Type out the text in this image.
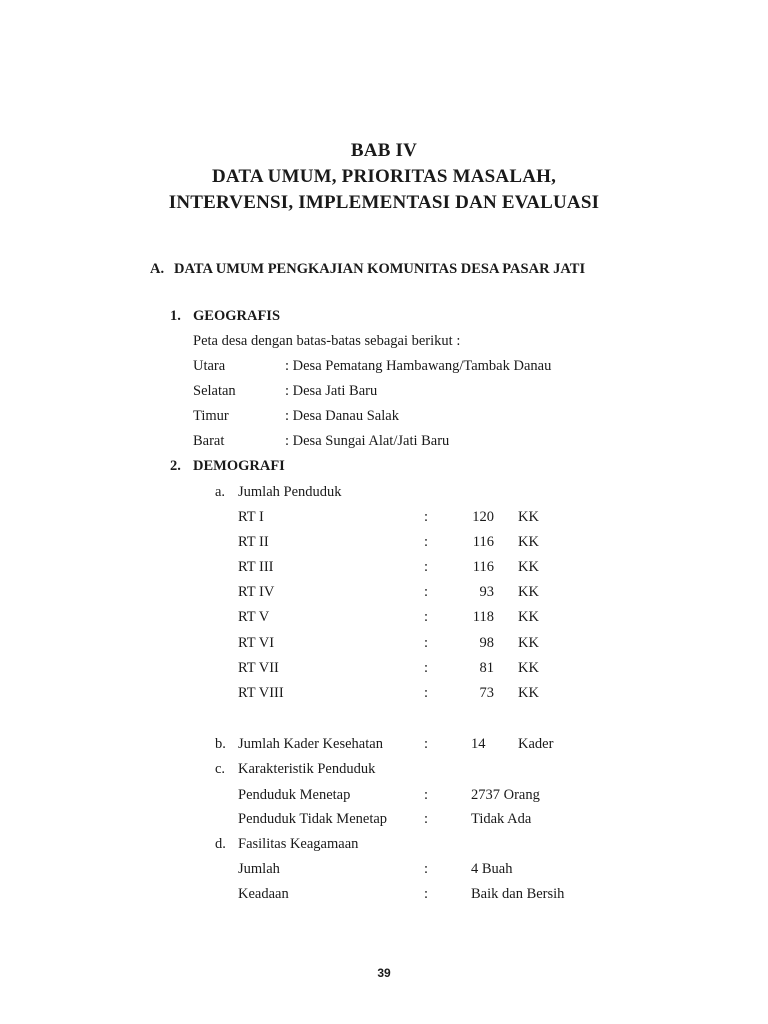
BAB IV
DATA UMUM, PRIORITAS MASALAH,
INTERVENSI, IMPLEMENTASI DAN EVALUASI
A. DATA UMUM PENGKAJIAN KOMUNITAS DESA PASAR JATI
1. GEOGRAFIS
Peta desa dengan batas-batas sebagai berikut :
Utara	: Desa Pematang Hambawang/Tambak Danau
Selatan	: Desa Jati Baru
Timur	: Desa Danau Salak
Barat	: Desa Sungai Alat/Jati Baru
2. DEMOGRAFI
a. Jumlah Penduduk
RT I	:	120 KK
RT II	:	116 KK
RT III	:	116 KK
RT IV	:	93 KK
RT V	:	118 KK
RT VI	:	98 KK
RT VII	:	81 KK
RT VIII	:	73 KK
b. Jumlah Kader Kesehatan	:	14 Kader
c. Karakteristik Penduduk
Penduduk Menetap	:	2737 Orang
Penduduk Tidak Menetap	:	Tidak Ada
d. Fasilitas Keagamaan
Jumlah	:	4 Buah
Keadaan	:	Baik dan Bersih
39
